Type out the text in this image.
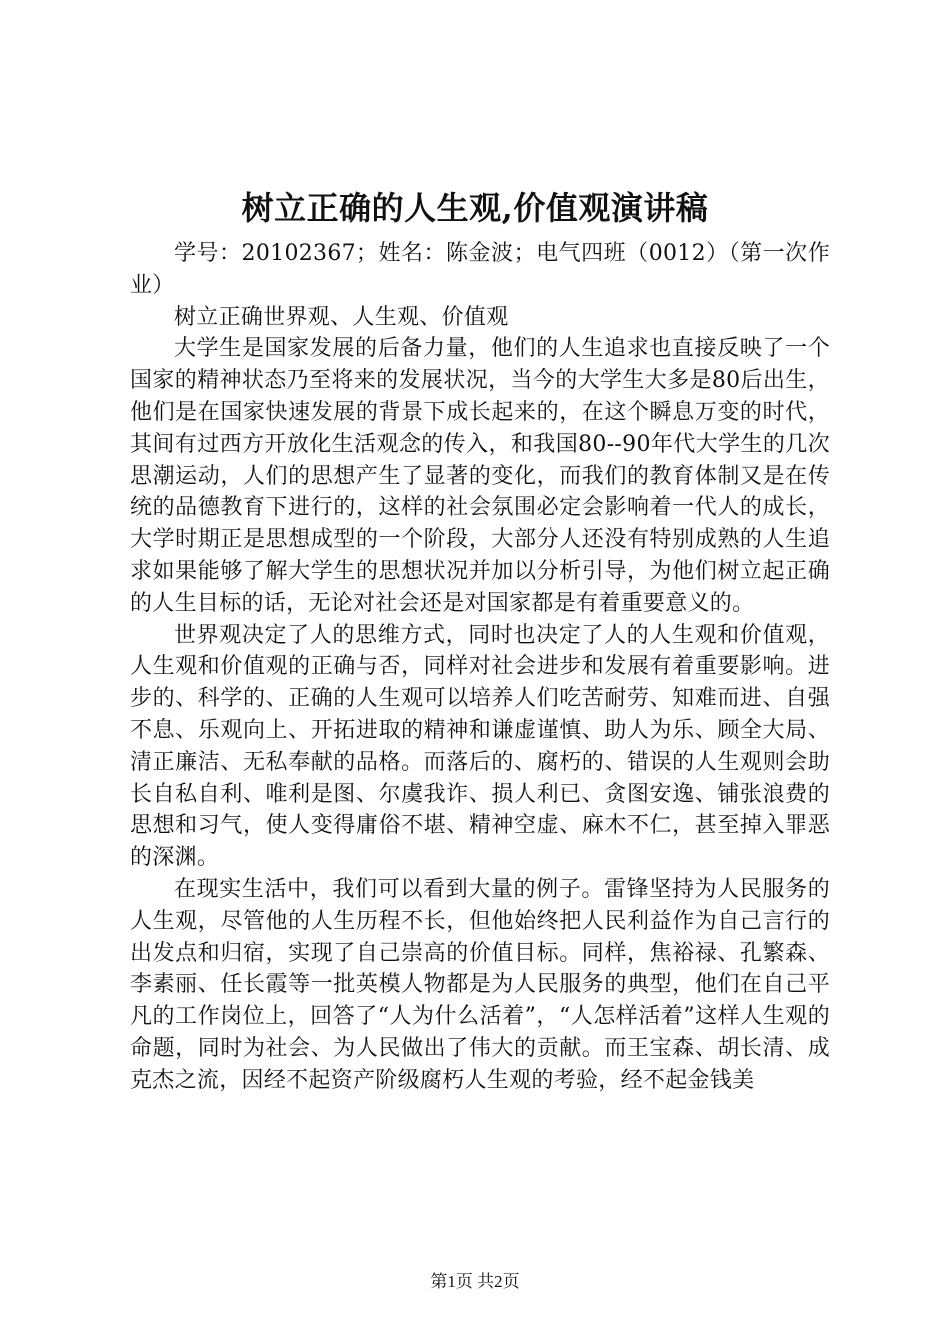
树立正确的人生观,价值观演讲稿

学号：20102367；姓名：陈金波；电气四班（0012）（第一次作业）

树立正确世界观、人生观、价值观

大学生是国家发展的后备力量，他们的人生追求也直接反映了一个国家的精神状态乃至将来的发展状况，当今的大学生大多是80后出生，他们是在国家快速发展的背景下成长起来的，在这个瞬息万变的时代，其间有过西方开放化生活观念的传入，和我国80--90年代大学生的几次思潮运动，人们的思想产生了显著的变化，而我们的教育体制又是在传统的品德教育下进行的，这样的社会氛围必定会影响着一代人的成长，大学时期正是思想成型的一个阶段，大部分人还没有特别成熟的人生追求如果能够了解大学生的思想状况并加以分析引导，为他们树立起正确的人生目标的话，无论对社会还是对国家都是有着重要意义的。

世界观决定了人的思维方式，同时也决定了人的人生观和价值观，人生观和价值观的正确与否，同样对社会进步和发展有着重要影响。进步的、科学的、正确的人生观可以培养人们吃苦耐劳、知难而进、自强不息、乐观向上、开拓进取的精神和谦虚谨慎、助人为乐、顾全大局、清正廉洁、无私奉献的品格。而落后的、腐朽的、错误的人生观则会助长自私自利、唯利是图、尔虞我诈、损人利已、贪图安逸、铺张浪费的思想和习气，使人变得庸俗不堪、精神空虚、麻木不仁，甚至掉入罪恶的深渊。

在现实生活中，我们可以看到大量的例子。雷锋坚持为人民服务的人生观，尽管他的人生历程不长，但他始终把人民利益作为自己言行的出发点和归宿，实现了自己崇高的价值目标。同样，焦裕禄、孔繁森、李素丽、任长霞等一批英模人物都是为人民服务的典型，他们在自己平凡的工作岗位上，回答了“人为什么活着”，“人怎样活着”这样人生观的命题，同时为社会、为人民做出了伟大的贡献。而王宝森、胡长清、成克杰之流，因经不起资产阶级腐朽人生观的考验，经不起金钱美

第1页 共2页
